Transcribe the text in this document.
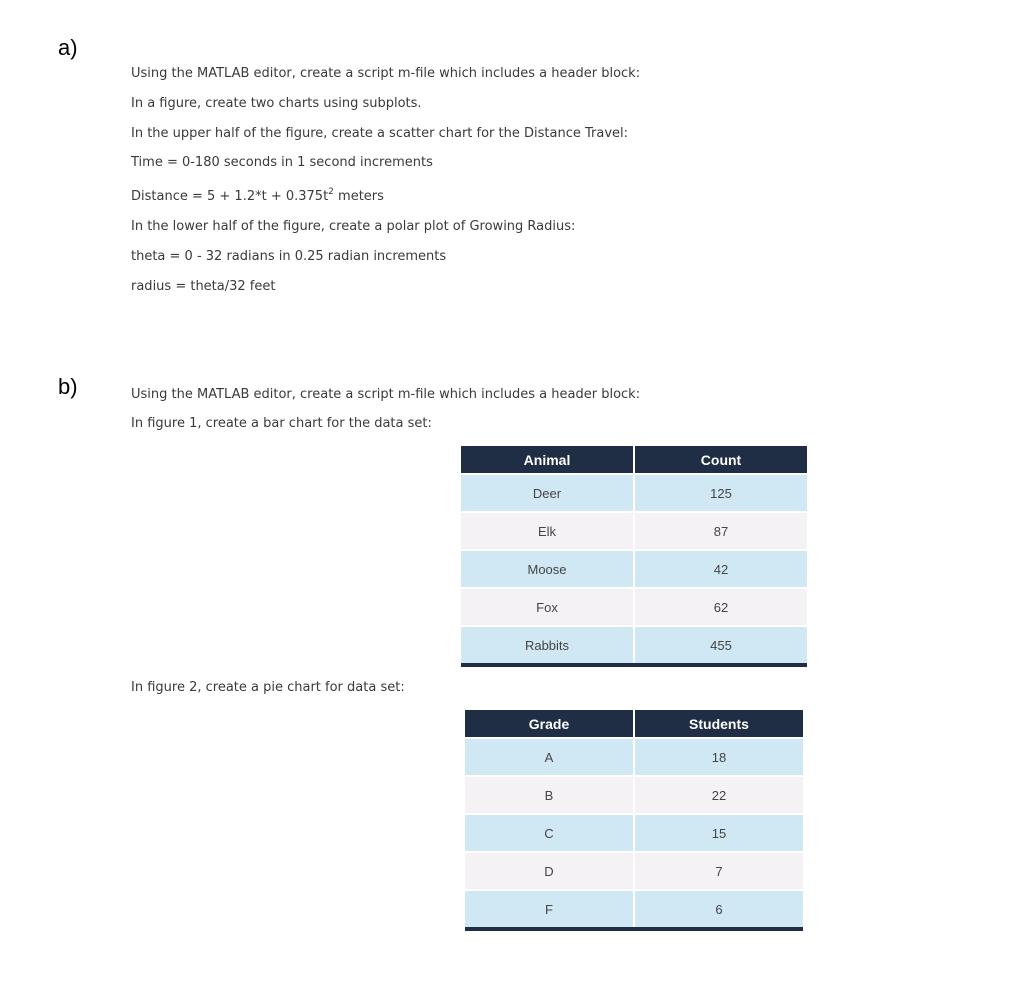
a)

Using the MATLAB editor, create a script m-file which includes a header block:

In a figure, create two charts using subplots.

In the upper half of the figure, create a scatter chart for the Distance Travel:

Time = 0-180 seconds in 1 second increments

Distance = $5 + 1.2*t + 0.375t^2$ meters

In the lower half of the figure, create a polar plot of Growing Radius:

theta = 0 - 32 radians in 0.25 radian increments

radius = theta/32 feet

b)	Using the MATLAB editor, create a script m-file which includes a header block:

In figure 1, create a bar chart for the data set:

Animal	Count
Deer	125
Elk	87
Moose	42
Fox	62
Rabbits	455

In figure 2, create a pie chart for data set:

Grade	Students
A	18
B	22
C	15
D	7
F	6
